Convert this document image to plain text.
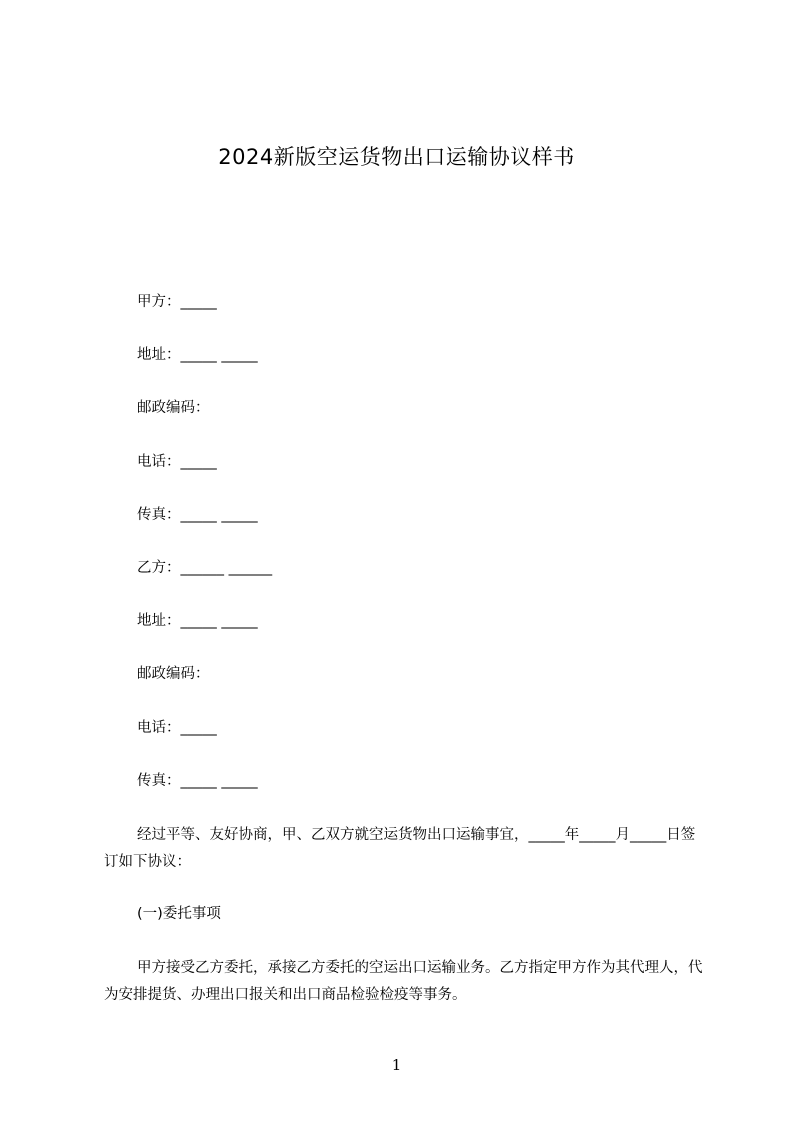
2024新版空运货物出口运输协议样书
甲方：_____
地址：_____ _____
邮政编码：
电话：_____
传真：_____ _____
乙方：______ ______
地址：_____ _____
邮政编码：
电话：_____
传真：_____ _____
经过平等、友好协商，甲、乙双方就空运货物出口运输事宜，_____年_____月_____日签订如下协议：
(一)委托事项
甲方接受乙方委托，承接乙方委托的空运出口运输业务。乙方指定甲方作为其代理人，代为安排提货、办理出口报关和出口商品检验检疫等事务。
1
